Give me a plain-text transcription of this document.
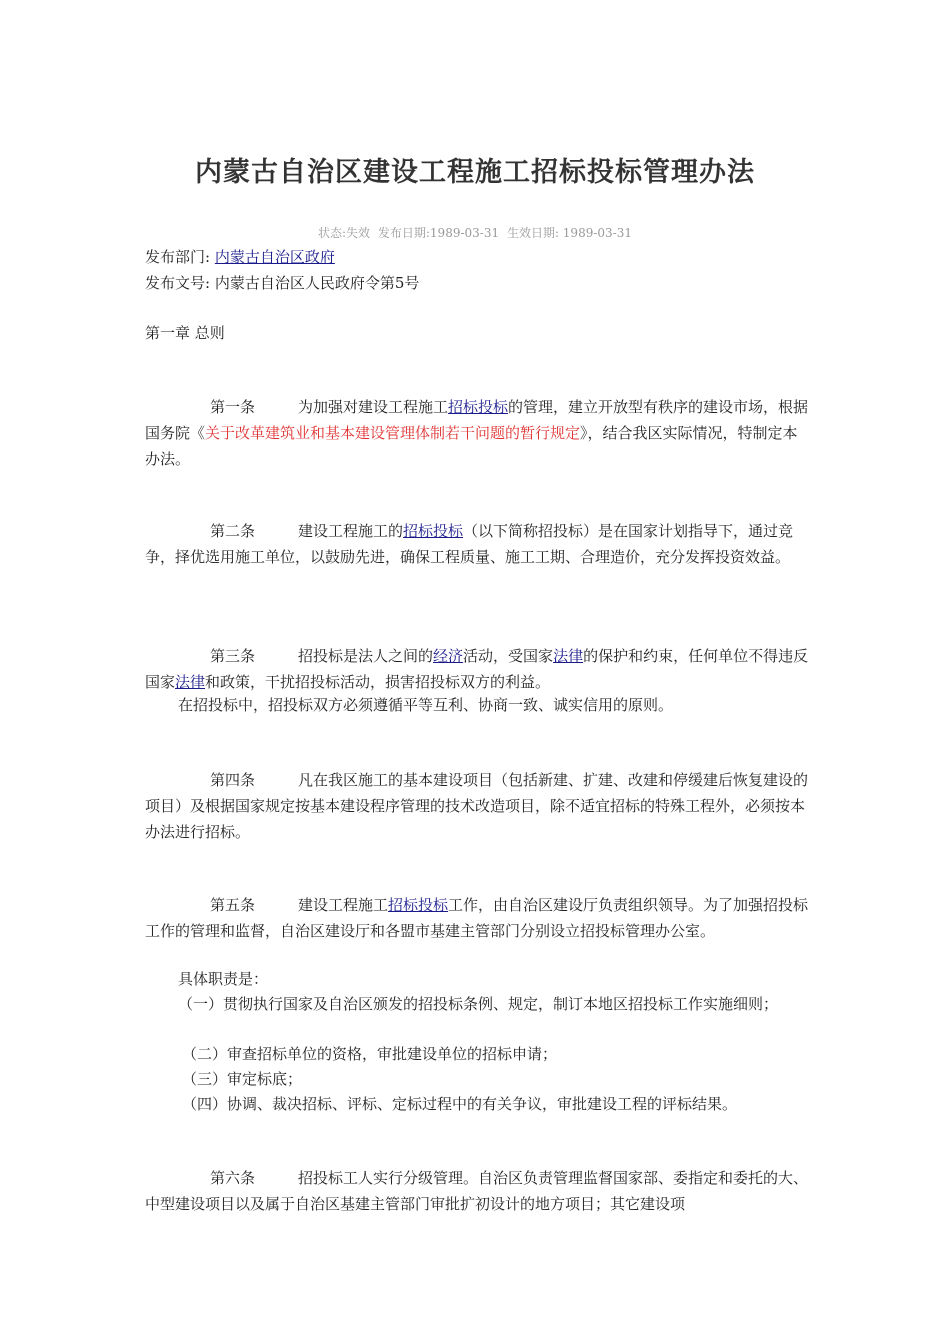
内蒙古自治区建设工程施工招标投标管理办法
状态:失效 发布日期:1989-03-31 生效日期: 1989-03-31
发布部门: 内蒙古自治区政府
发布文号: 内蒙古自治区人民政府令第5号
第一章 总则
第一条	为加强对建设工程施工招标投标的管理，建立开放型有秩序的建设市场，根据国务院《关于改革建筑业和基本建设管理体制若干问题的暂行规定》，结合我区实际情况，特制定本办法。
第二条	建设工程施工的招标投标（以下简称招投标）是在国家计划指导下，通过竞争，择优选用施工单位，以鼓励先进，确保工程质量、施工工期、合理造价，充分发挥投资效益。
第三条	招投标是法人之间的经济活动，受国家法律的保护和约束，任何单位不得违反国家法律和政策，干扰招投标活动，损害招投标双方的利益。
在招投标中，招投标双方必须遵循平等互利、协商一致、诚实信用的原则。
第四条	凡在我区施工的基本建设项目（包括新建、扩建、改建和停缓建后恢复建设的项目）及根据国家规定按基本建设程序管理的技术改造项目，除不适宜招标的特殊工程外，必须按本办法进行招标。
第五条	建设工程施工招标投标工作，由自治区建设厅负责组织领导。为了加强招投标工作的管理和监督，自治区建设厅和各盟市基建主管部门分别设立招投标管理办公室。
具体职责是：
（一）贯彻执行国家及自治区颁发的招投标条例、规定，制订本地区招投标工作实施细则；
（二）审查招标单位的资格，审批建设单位的招标申请；
（三）审定标底；
（四）协调、裁决招标、评标、定标过程中的有关争议，审批建设工程的评标结果。
第六条	招投标工人实行分级管理。自治区负责管理监督国家部、委指定和委托的大、中型建设项目以及属于自治区基建主管部门审批扩初设计的地方项目；其它建设项
